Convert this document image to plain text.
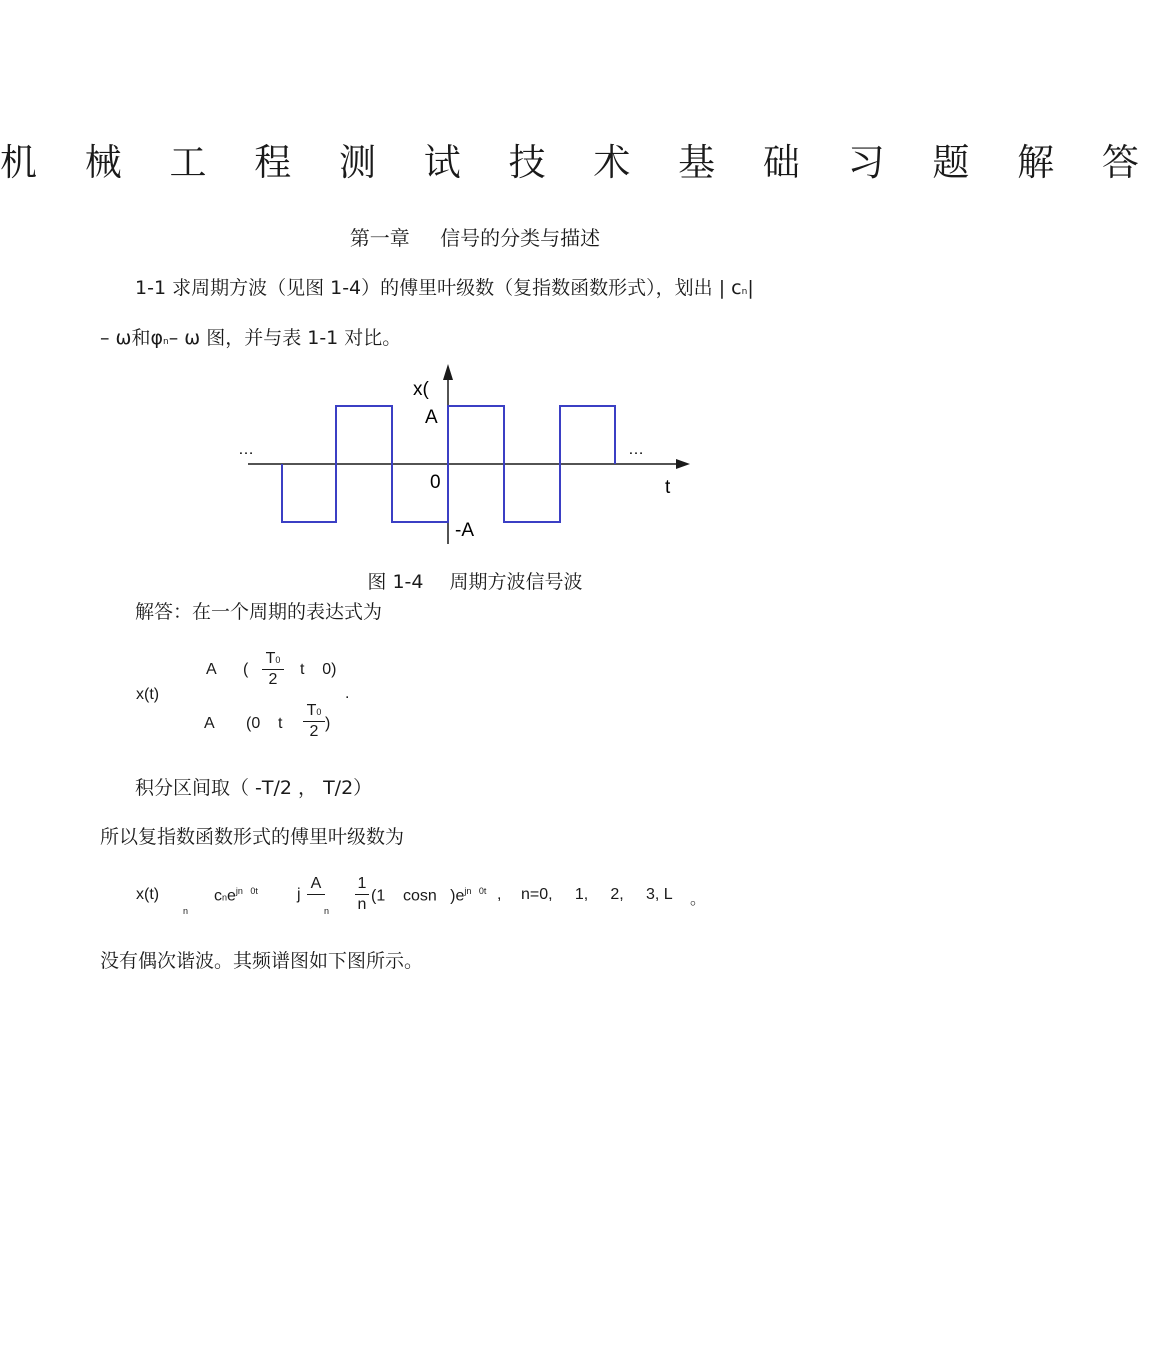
机 械 工 程 测 试 技 术 基 础 习 题 解 答
第一章 信号的分类与描述
1-1 求周期方波（见图 1-4）的傅里叶级数（复指数函数形式），划出 | cn|
– ω和φn– ω 图，并与表 1-1 对比。
x(
A
0
-A
t
…	…
图 1-4 周期方波信号波
解答：在一个周期的表达式为
x(t)
A (
T0
2
t    0)
A (0    t
T0
2 )
.
积分区间取（ -T/2 ， T/2）
所以复指数函数形式的傅里叶级数为
x(t)
n
cne$^{jn 0t}$ j
A
n
1
n
(1    cosn   )$e^{jn 0t}$ , n=0,     1,     2,     3, L 。
没有偶次谐波。其频谱图如下图所示。
